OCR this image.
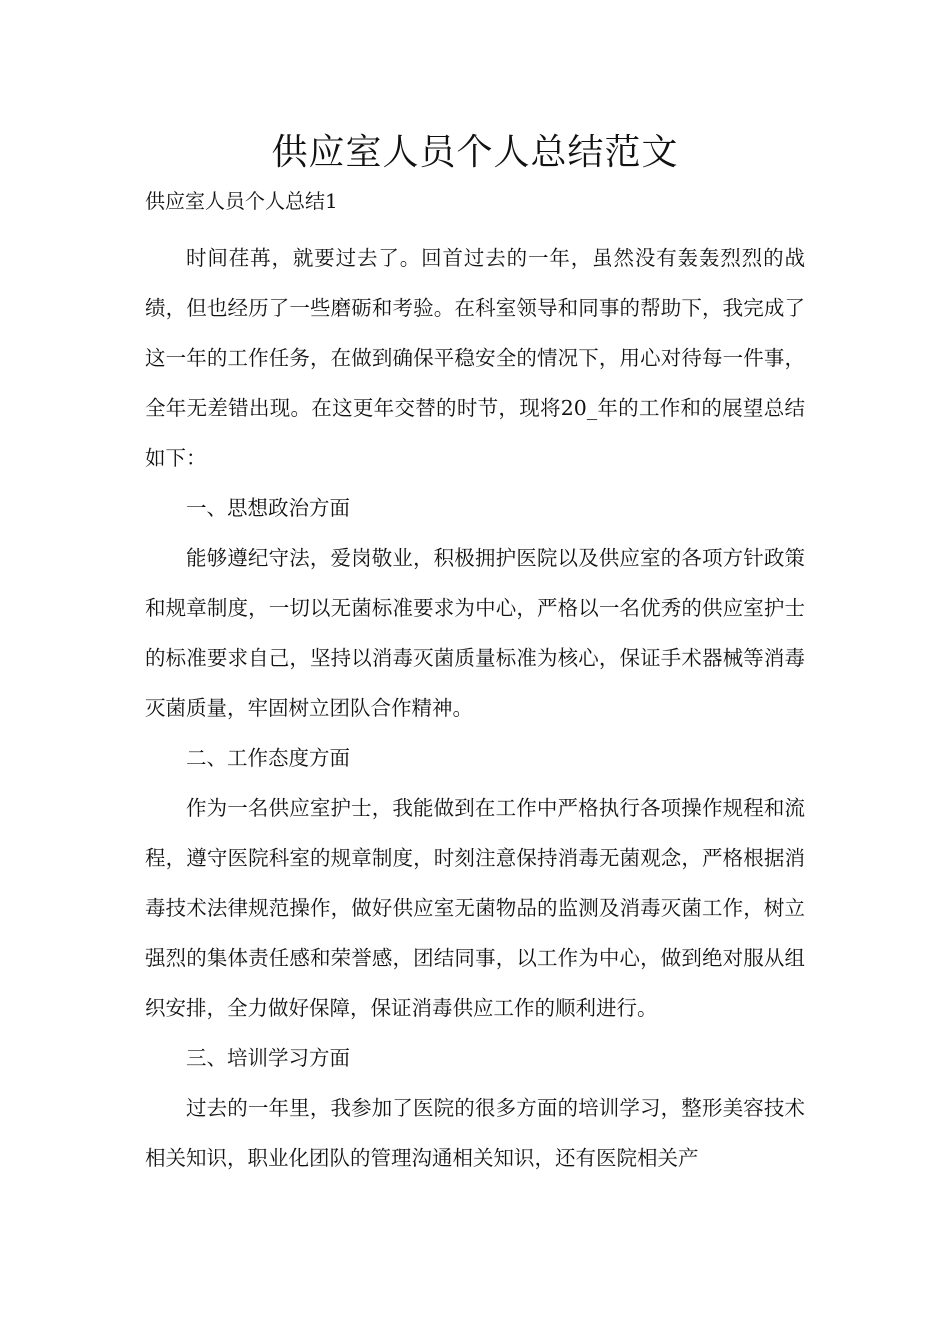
供应室人员个人总结范文
供应室人员个人总结1

时间荏苒，就要过去了。回首过去的一年，虽然没有轰轰烈烈的战绩，但也经历了一些磨砺和考验。在科室领导和同事的帮助下，我完成了这一年的工作任务，在做到确保平稳安全的情况下，用心对待每一件事，全年无差错出现。在这更年交替的时节，现将20_年的工作和的展望总结如下：

一、思想政治方面

能够遵纪守法，爱岗敬业，积极拥护医院以及供应室的各项方针政策和规章制度，一切以无菌标准要求为中心，严格以一名优秀的供应室护士的标准要求自己，坚持以消毒灭菌质量标准为核心，保证手术器械等消毒灭菌质量，牢固树立团队合作精神。

二、工作态度方面

作为一名供应室护士，我能做到在工作中严格执行各项操作规程和流程，遵守医院科室的规章制度，时刻注意保持消毒无菌观念，严格根据消毒技术法律规范操作，做好供应室无菌物品的监测及消毒灭菌工作，树立强烈的集体责任感和荣誉感，团结同事，以工作为中心，做到绝对服从组织安排，全力做好保障，保证消毒供应工作的顺利进行。

三、培训学习方面

过去的一年里，我参加了医院的很多方面的培训学习，整形美容技术相关知识，职业化团队的管理沟通相关知识，还有医院相关产
